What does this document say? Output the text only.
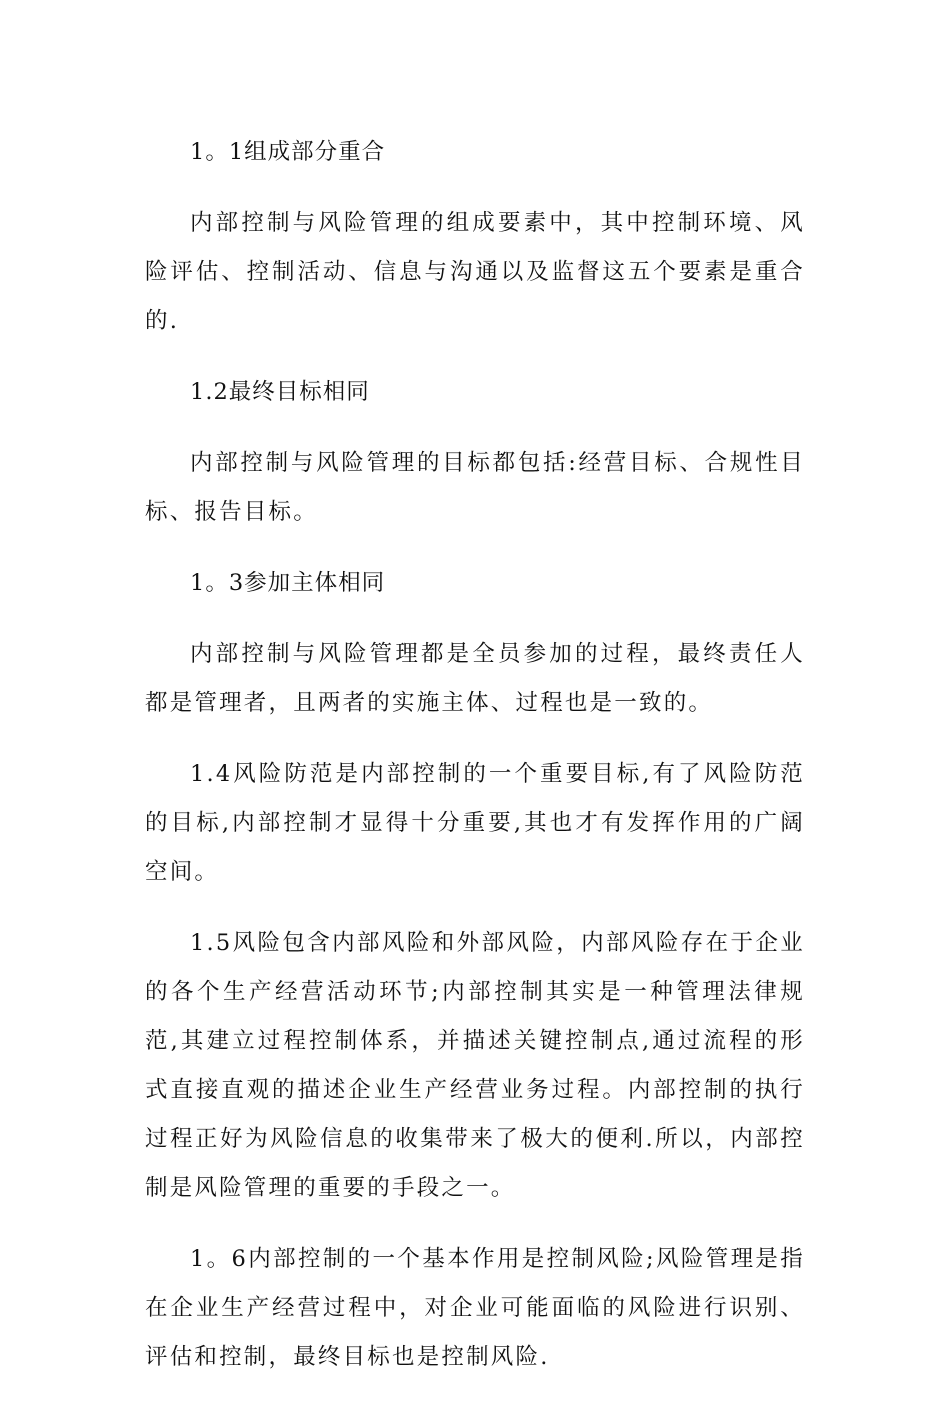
1。1组成部分重合

内部控制与风险管理的组成要素中，其中控制环境、风险评估、控制活动、信息与沟通以及监督这五个要素是重合的.

1.2最终目标相同

内部控制与风险管理的目标都包括:经营目标、合规性目标、报告目标。

1。3参加主体相同

内部控制与风险管理都是全员参加的过程，最终责任人都是管理者，且两者的实施主体、过程也是一致的。

1.4风险防范是内部控制的一个重要目标,有了风险防范的目标,内部控制才显得十分重要,其也才有发挥作用的广阔空间。

1.5风险包含内部风险和外部风险，内部风险存在于企业的各个生产经营活动环节;内部控制其实是一种管理法律规范,其建立过程控制体系，并描述关键控制点,通过流程的形式直接直观的描述企业生产经营业务过程。内部控制的执行过程正好为风险信息的收集带来了极大的便利.所以，内部控制是风险管理的重要的手段之一。

1。6内部控制的一个基本作用是控制风险;风险管理是指在企业生产经营过程中，对企业可能面临的风险进行识别、评估和控制，最终目标也是控制风险.
